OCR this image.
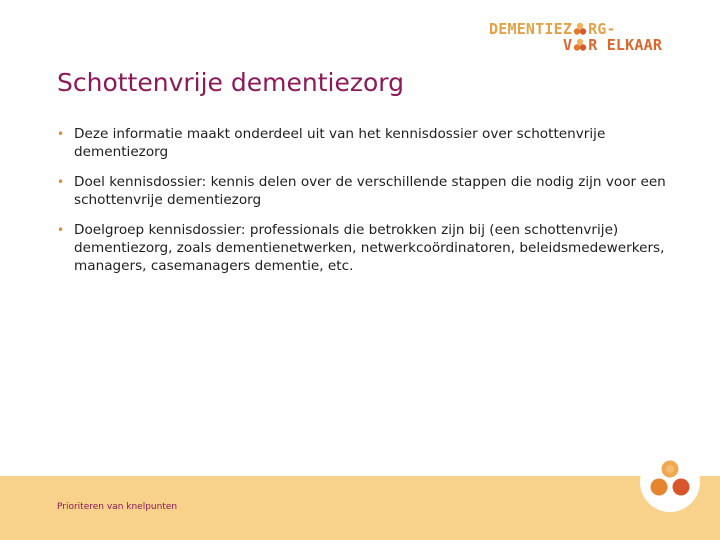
DEMENTIEZ RG-
V R ELKAAR
Schottenvrije dementiezorg
• Deze informatie maakt onderdeel uit van het kennisdossier over schottenvrije dementiezorg
• Doel kennisdossier: kennis delen over de verschillende stappen die nodig zijn voor een schottenvrije dementiezorg
• Doelgroep kennisdossier: professionals die betrokken zijn bij (een schottenvrije) dementiezorg, zoals dementienetwerken, netwerkcoördinatoren, beleidsmedewerkers, managers, casemanagers dementie, etc.
Prioriteren van knelpunten
